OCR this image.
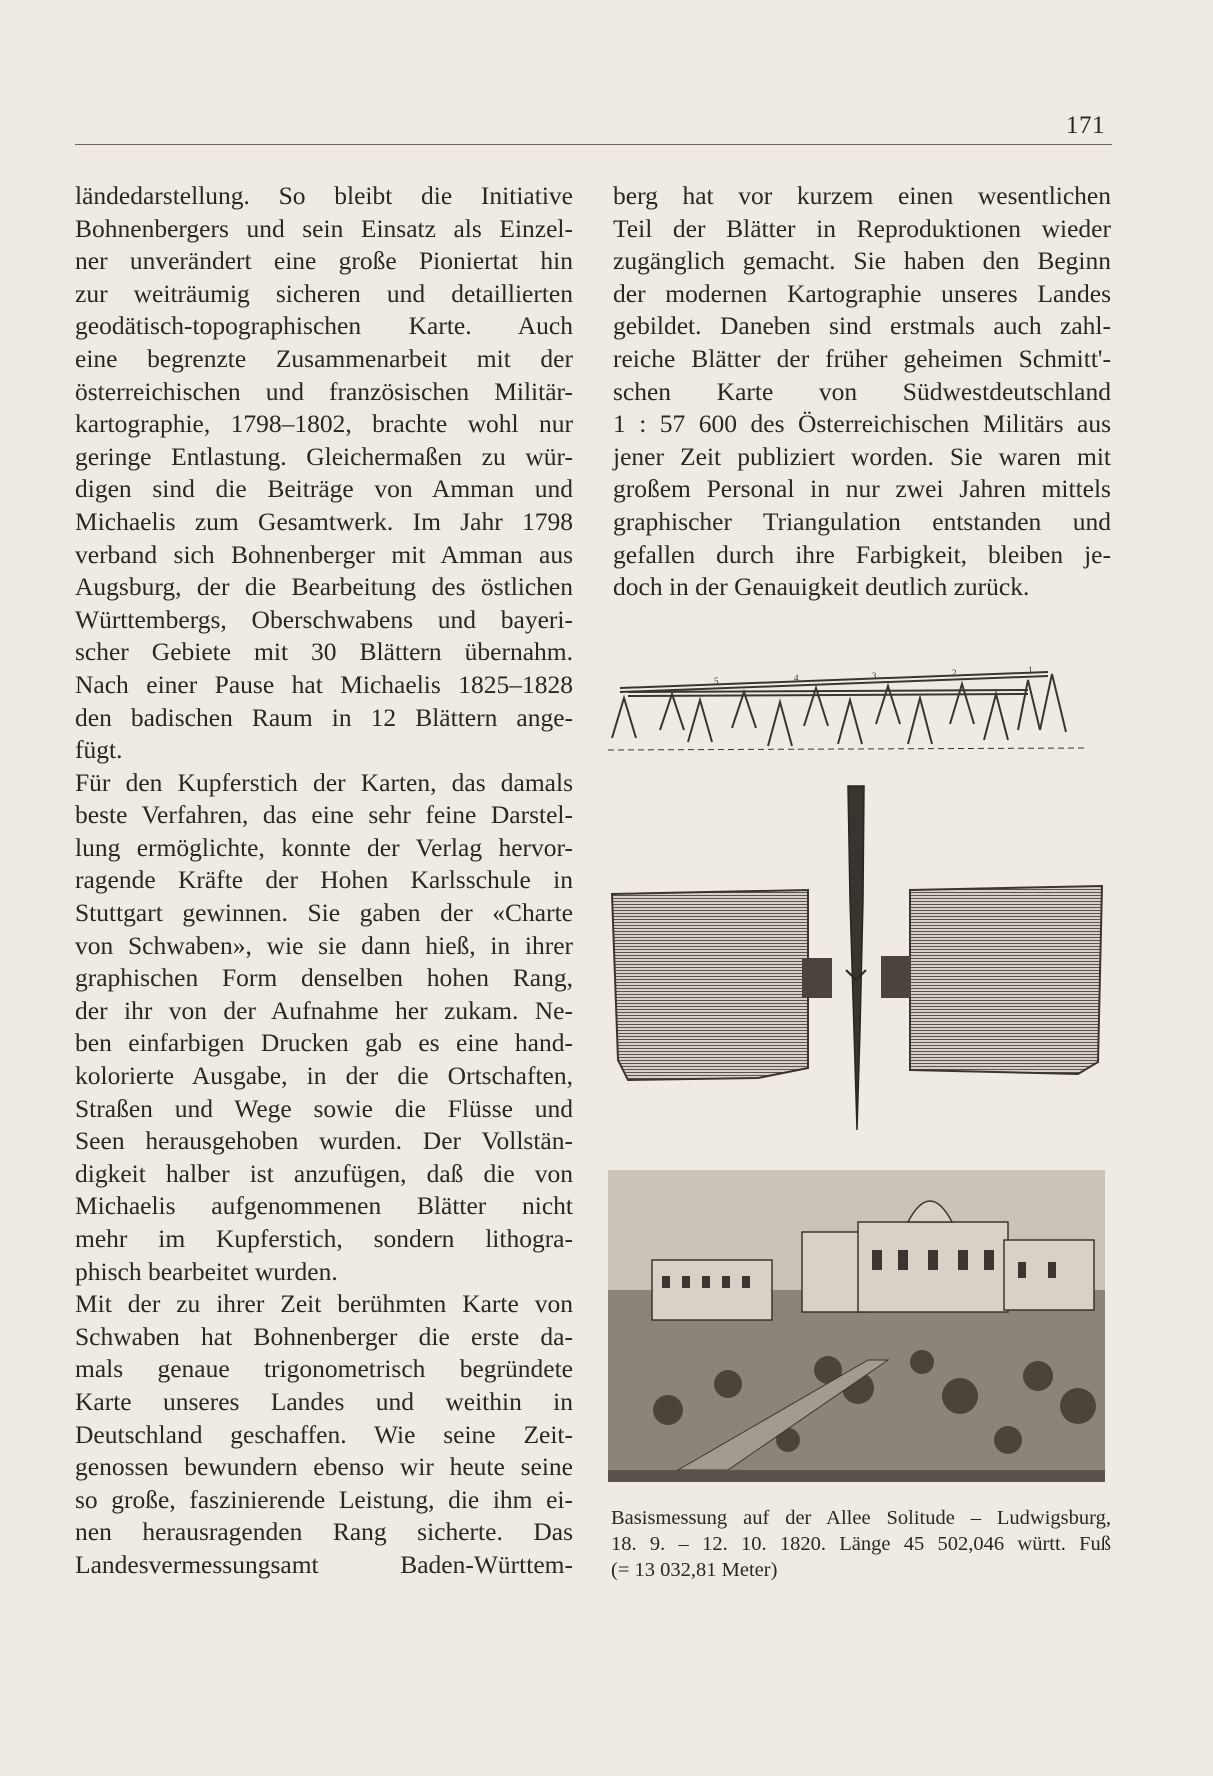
171
ländedarstellung. So bleibt die Initiative
Bohnenbergers und sein Einsatz als Einzel-
ner unverändert eine große Pioniertat hin
zur weiträumig sicheren und detaillierten
geodätisch-topographischen Karte. Auch
eine begrenzte Zusammenarbeit mit der
österreichischen und französischen Militär-
kartographie, 1798–1802, brachte wohl nur
geringe Entlastung. Gleichermaßen zu wür-
digen sind die Beiträge von Amman und
Michaelis zum Gesamtwerk. Im Jahr 1798
verband sich Bohnenberger mit Amman aus
Augsburg, der die Bearbeitung des östlichen
Württembergs, Oberschwabens und bayeri-
scher Gebiete mit 30 Blättern übernahm.
Nach einer Pause hat Michaelis 1825–1828
den badischen Raum in 12 Blättern ange-
fügt.
Für den Kupferstich der Karten, das damals
beste Verfahren, das eine sehr feine Darstel-
lung ermöglichte, konnte der Verlag hervor-
ragende Kräfte der Hohen Karlsschule in
Stuttgart gewinnen. Sie gaben der «Charte
von Schwaben», wie sie dann hieß, in ihrer
graphischen Form denselben hohen Rang,
der ihr von der Aufnahme her zukam. Ne-
ben einfarbigen Drucken gab es eine hand-
kolorierte Ausgabe, in der die Ortschaften,
Straßen und Wege sowie die Flüsse und
Seen herausgehoben wurden. Der Vollstän-
digkeit halber ist anzufügen, daß die von
Michaelis aufgenommenen Blätter nicht
mehr im Kupferstich, sondern lithogra-
phisch bearbeitet wurden.
Mit der zu ihrer Zeit berühmten Karte von
Schwaben hat Bohnenberger die erste da-
mals genaue trigonometrisch begründete
Karte unseres Landes und weithin in
Deutschland geschaffen. Wie seine Zeit-
genossen bewundern ebenso wir heute seine
so große, faszinierende Leistung, die ihm ei-
nen herausragenden Rang sicherte. Das
Landesvermessungsamt Baden-Württem-
berg hat vor kurzem einen wesentlichen
Teil der Blätter in Reproduktionen wieder
zugänglich gemacht. Sie haben den Beginn
der modernen Kartographie unseres Landes
gebildet. Daneben sind erstmals auch zahl-
reiche Blätter der früher geheimen Schmitt'-
schen Karte von Südwestdeutschland
1 : 57 600 des Österreichischen Militärs aus
jener Zeit publiziert worden. Sie waren mit
großem Personal in nur zwei Jahren mittels
graphischer Triangulation entstanden und
gefallen durch ihre Farbigkeit, bleiben je-
doch in der Genauigkeit deutlich zurück.
5	4	3	2	1
Basismessung auf der Allee Solitude – Ludwigsburg,
18. 9. – 12. 10. 1820. Länge 45 502,046 württ. Fuß
(= 13 032,81 Meter)
